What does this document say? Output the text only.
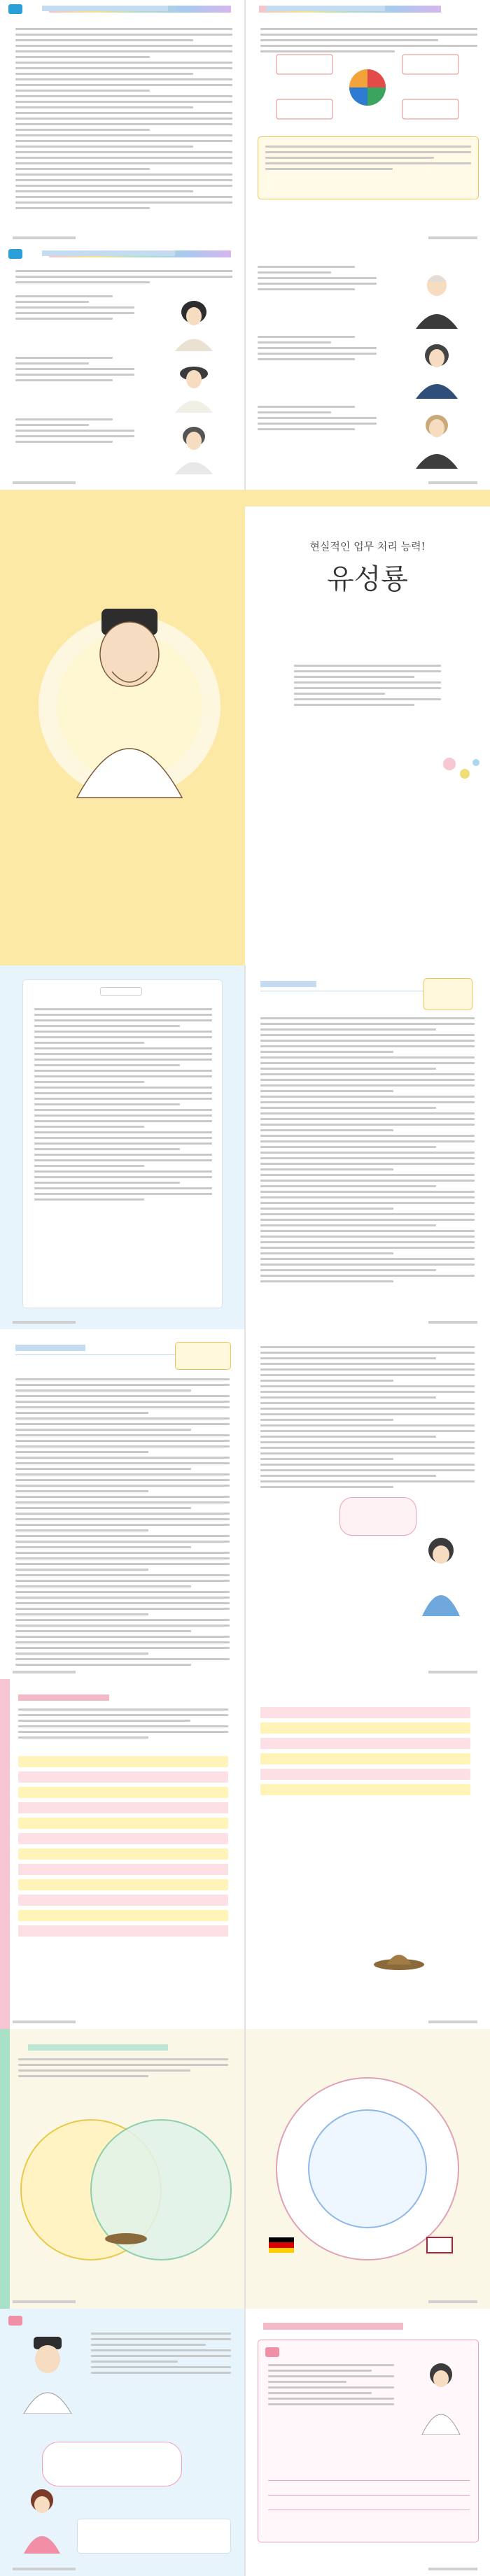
현실적인 업무 처리 능력!
유성룡
